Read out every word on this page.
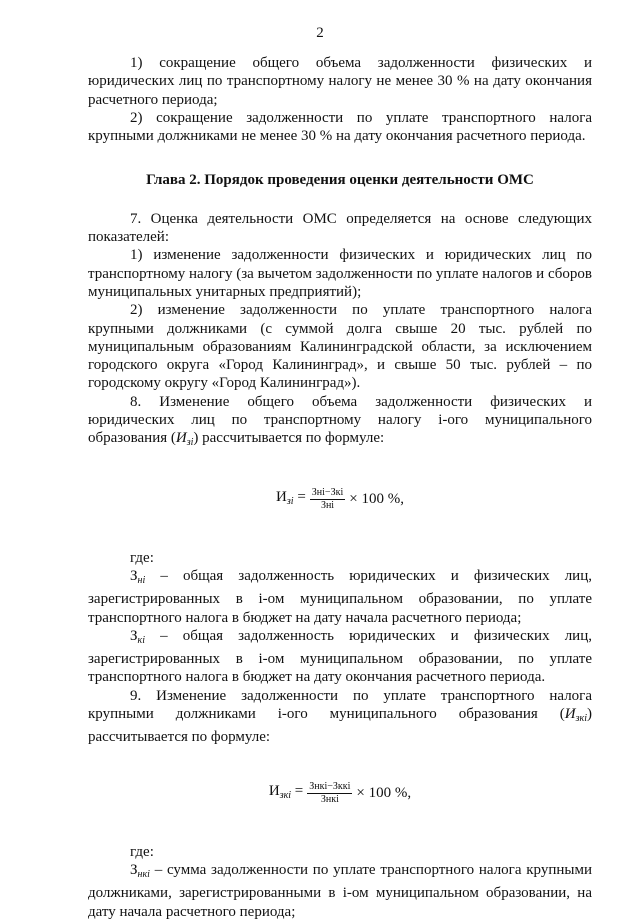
2

1) сокращение общего объема задолженности физических и юридических лиц по транспортному налогу не менее 30 % на дату окончания расчетного периода;

2) сокращение задолженности по уплате транспортного налога крупными должниками не менее 30 % на дату окончания расчетного периода.

Глава 2. Порядок проведения оценки деятельности ОМС

7. Оценка деятельности ОМС определяется на основе следующих показателей:

1) изменение задолженности физических и юридических лиц по транспортному налогу (за вычетом задолженности по уплате налогов и сборов муниципальных унитарных предприятий);

2) изменение задолженности по уплате транспортного налога крупными должниками (с суммой долга свыше 20 тыс. рублей по муниципальным образованиям Калининградской области, за исключением городского округа «Город Калининград», и свыше 50 тыс. рублей – по городскому округу «Город Калининград»).

8. Изменение общего объема задолженности физических и юридических лиц по транспортному налогу i-ого муниципального образования $(И_{зi})$ рассчитывается по формуле:

$И_{зi} = \frac{\text{Знi−Зкi}}{\text{Знi}} \times 100$ %,

где:

$З_{нi}$ – общая задолженность юридических и физических лиц, зарегистрированных в i-ом муниципальном образовании, по уплате транспортного налога в бюджет на дату начала расчетного периода;

$З_{кi}$ – общая задолженность юридических и физических лиц, зарегистрированных в i-ом муниципальном образовании, по уплате транспортного налога в бюджет на дату окончания расчетного периода.

9. Изменение задолженности по уплате транспортного налога крупными должниками i-ого муниципального образования $(И_{зкi})$ рассчитывается по формуле:

$И_{зкi} = \frac{\text{Знкi−Зккi}}{\text{Знкi}} \times 100$ %,

где:

$З_{нкi}$ – сумма задолженности по уплате транспортного налога крупными должниками, зарегистрированными в i-ом муниципальном образовании, на дату начала расчетного периода;
